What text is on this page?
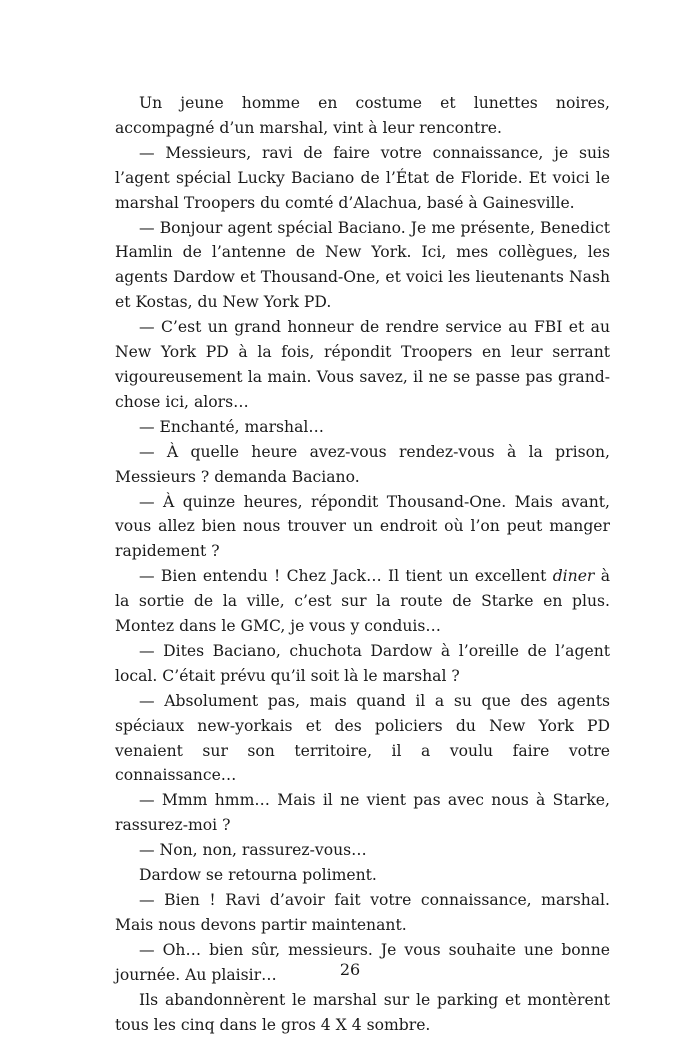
Un jeune homme en costume et lunettes noires, accompagné d’un marshal, vint à leur rencontre.

— Messieurs, ravi de faire votre connaissance, je suis l’agent spécial Lucky Baciano de l’État de Floride. Et voici le marshal Troopers du comté d’Alachua, basé à Gainesville.

— Bonjour agent spécial Baciano. Je me présente, Benedict Hamlin de l’antenne de New York. Ici, mes collègues, les agents Dardow et Thousand-One, et voici les lieutenants Nash et Kostas, du New York PD.

— C’est un grand honneur de rendre service au FBI et au New York PD à la fois, répondit Troopers en leur serrant vigoureusement la main. Vous savez, il ne se passe pas grand-chose ici, alors…

— Enchanté, marshal…

— À quelle heure avez-vous rendez-vous à la prison, Messieurs ? demanda Baciano.

— À quinze heures, répondit Thousand-One. Mais avant, vous allez bien nous trouver un endroit où l’on peut manger rapidement ?

— Bien entendu ! Chez Jack… Il tient un excellent diner à la sortie de la ville, c’est sur la route de Starke en plus. Montez dans le GMC, je vous y conduis…

— Dites Baciano, chuchota Dardow à l’oreille de l’agent local. C’était prévu qu’il soit là le marshal ?

— Absolument pas, mais quand il a su que des agents spéciaux new-yorkais et des policiers du New York PD venaient sur son territoire, il a voulu faire votre connaissance…

— Mmm hmm… Mais il ne vient pas avec nous à Starke, rassurez-moi ?

— Non, non, rassurez-vous…

Dardow se retourna poliment.

— Bien ! Ravi d’avoir fait votre connaissance, marshal. Mais nous devons partir maintenant.

— Oh… bien sûr, messieurs. Je vous souhaite une bonne journée. Au plaisir…

Ils abandonnèrent le marshal sur le parking et montèrent tous les cinq dans le gros 4 X 4 sombre.

26
